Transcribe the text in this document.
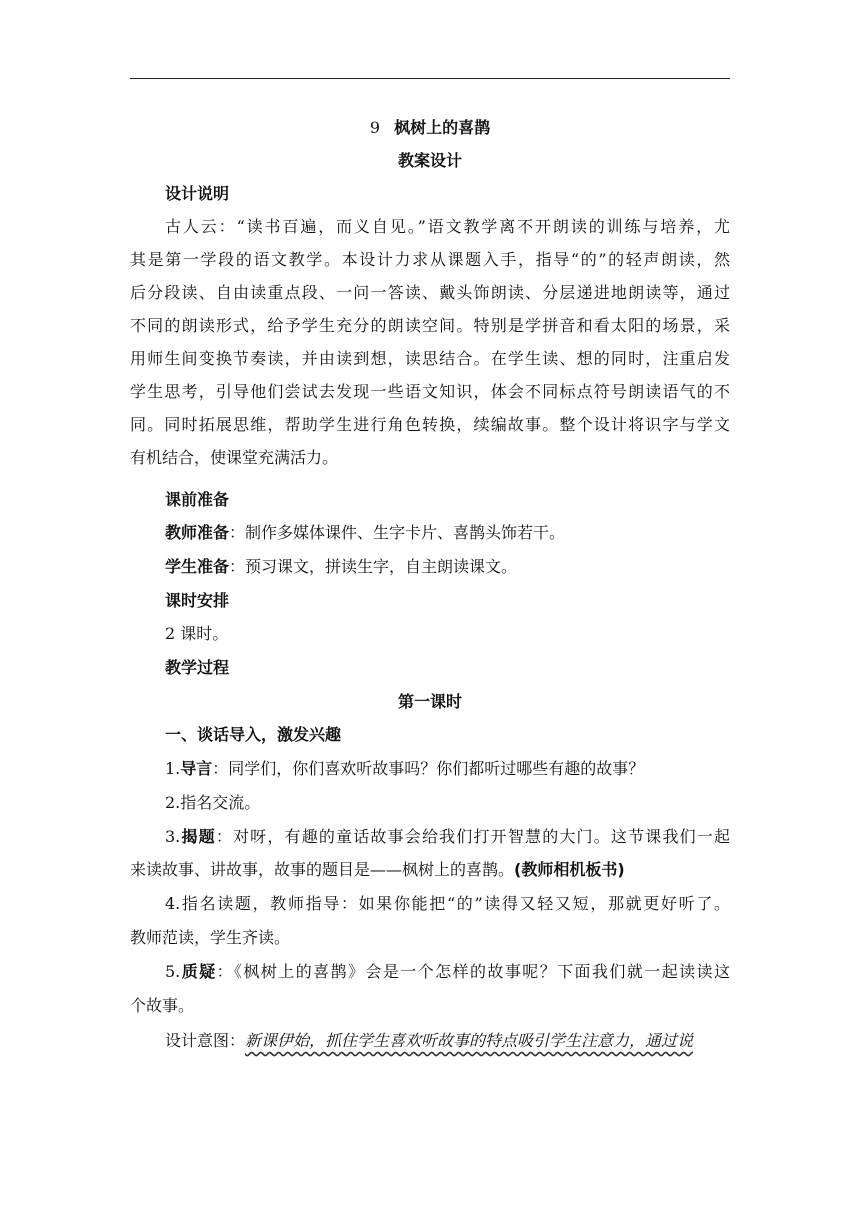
9 枫树上的喜鹊
教案设计
设计说明
古人云：“读书百遍，而义自见。”语文教学离不开朗读的训练与培养，尤
其是第一学段的语文教学。本设计力求从课题入手，指导“的”的轻声朗读，然
后分段读、自由读重点段、一问一答读、戴头饰朗读、分层递进地朗读等，通过
不同的朗读形式，给予学生充分的朗读空间。特别是学拼音和看太阳的场景，采
用师生间变换节奏读，并由读到想，读思结合。在学生读、想的同时，注重启发
学生思考，引导他们尝试去发现一些语文知识，体会不同标点符号朗读语气的不
同。同时拓展思维，帮助学生进行角色转换，续编故事。整个设计将识字与学文
有机结合，使课堂充满活力。
课前准备
教师准备：制作多媒体课件、生字卡片、喜鹊头饰若干。
学生准备：预习课文，拼读生字，自主朗读课文。
课时安排
2 课时。
教学过程
第一课时
一、谈话导入，激发兴趣
1.导言：同学们，你们喜欢听故事吗？你们都听过哪些有趣的故事？
2.指名交流。
3.揭题：对呀，有趣的童话故事会给我们打开智慧的大门。这节课我们一起
来读故事、讲故事，故事的题目是——枫树上的喜鹊。(教师相机板书)
4.指名读题，教师指导：如果你能把“的”读得又轻又短，那就更好听了。
教师范读，学生齐读。
5.质疑：《枫树上的喜鹊》会是一个怎样的故事呢？下面我们就一起读读这
个故事。
设计意图：新课伊始，抓住学生喜欢听故事的特点吸引学生注意力，通过说
